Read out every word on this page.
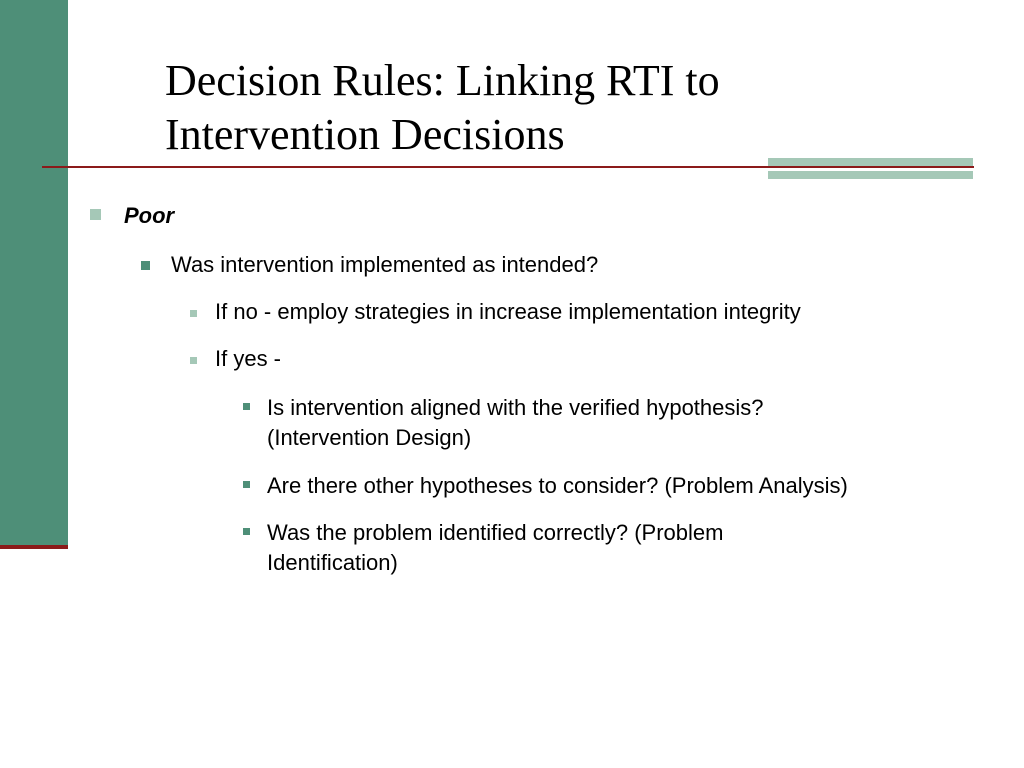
Decision Rules: Linking RTI to
Intervention Decisions
Poor
Was intervention implemented as intended?
If no - employ strategies in increase implementation integrity
If yes -
Is intervention aligned with the verified hypothesis?
(Intervention Design)
Are there other hypotheses to consider? (Problem Analysis)
Was the problem identified correctly? (Problem
Identification)
